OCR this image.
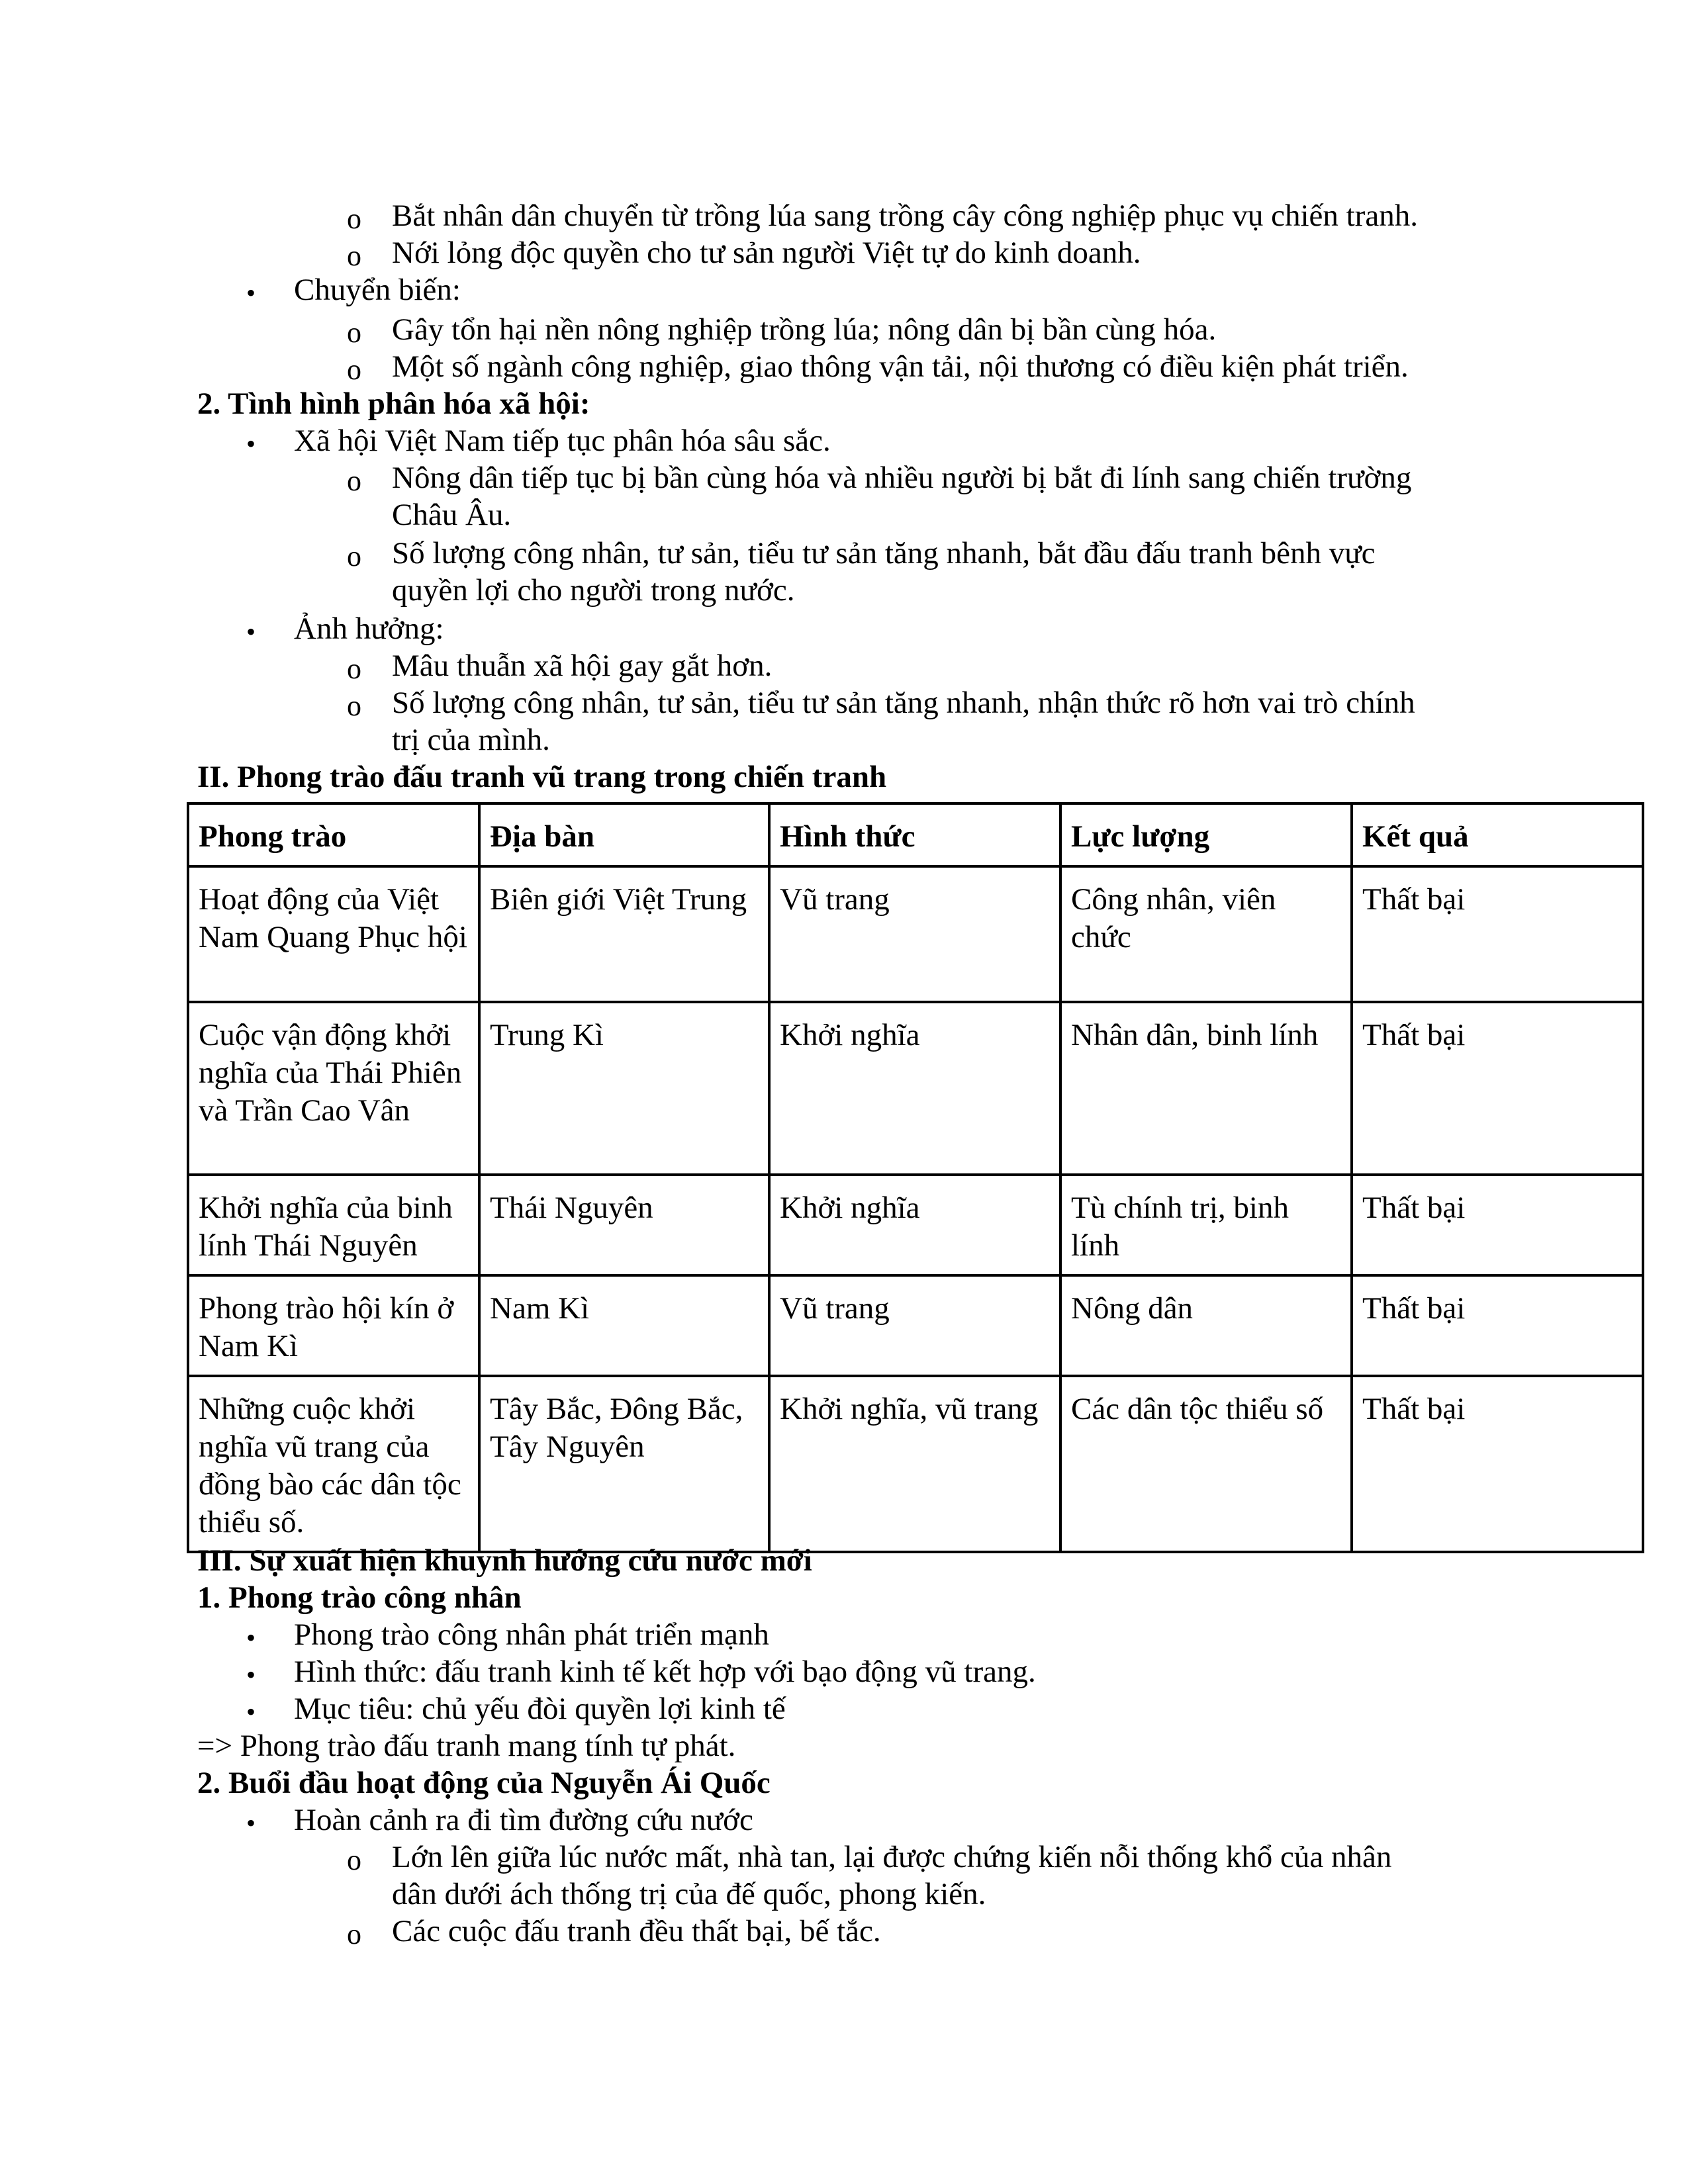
o Bắt nhân dân chuyển từ trồng lúa sang trồng cây công nghiệp phục vụ chiến tranh.
o Nới lỏng độc quyền cho tư sản người Việt tự do kinh doanh.
• Chuyển biến:
o Gây tổn hại nền nông nghiệp trồng lúa; nông dân bị bần cùng hóa.
o Một số ngành công nghiệp, giao thông vận tải, nội thương có điều kiện phát triển.
2. Tình hình phân hóa xã hội:
• Xã hội Việt Nam tiếp tục phân hóa sâu sắc.
o Nông dân tiếp tục bị bần cùng hóa và nhiều người bị bắt đi lính sang chiến trường
Châu Âu.
o Số lượng công nhân, tư sản, tiểu tư sản tăng nhanh, bắt đầu đấu tranh bênh vực
quyền lợi cho người trong nước.
• Ảnh hưởng:
o Mâu thuẫn xã hội gay gắt hơn.
o Số lượng công nhân, tư sản, tiểu tư sản tăng nhanh, nhận thức rõ hơn vai trò chính
trị của mình.
II. Phong trào đấu tranh vũ trang trong chiến tranh
Phong trào	Địa bàn	Hình thức	Lực lượng	Kết quả
Hoạt động của Việt Nam Quang Phục hội	Biên giới Việt Trung	Vũ trang	Công nhân, viên chức	Thất bại
Cuộc vận động khởi nghĩa của Thái Phiên và Trần Cao Vân	Trung Kì	Khởi nghĩa	Nhân dân, binh lính	Thất bại
Khởi nghĩa của binh lính Thái Nguyên	Thái Nguyên	Khởi nghĩa	Tù chính trị, binh lính	Thất bại
Phong trào hội kín ở Nam Kì	Nam Kì	Vũ trang	Nông dân	Thất bại
Những cuộc khởi nghĩa vũ trang của đồng bào các dân tộc thiểu số.	Tây Bắc, Đông Bắc, Tây Nguyên	Khởi nghĩa, vũ trang	Các dân tộc thiểu số	Thất bại
III. Sự xuất hiện khuynh hướng cứu nước mới
1. Phong trào công nhân
• Phong trào công nhân phát triển mạnh
• Hình thức: đấu tranh kinh tế kết hợp với bạo động vũ trang.
• Mục tiêu: chủ yếu đòi quyền lợi kinh tế
=> Phong trào đấu tranh mang tính tự phát.
2. Buổi đầu hoạt động của Nguyễn Ái Quốc
• Hoàn cảnh ra đi tìm đường cứu nước
o Lớn lên giữa lúc nước mất, nhà tan, lại được chứng kiến nỗi thống khổ của nhân
dân dưới ách thống trị của đế quốc, phong kiến.
o Các cuộc đấu tranh đều thất bại, bế tắc.
